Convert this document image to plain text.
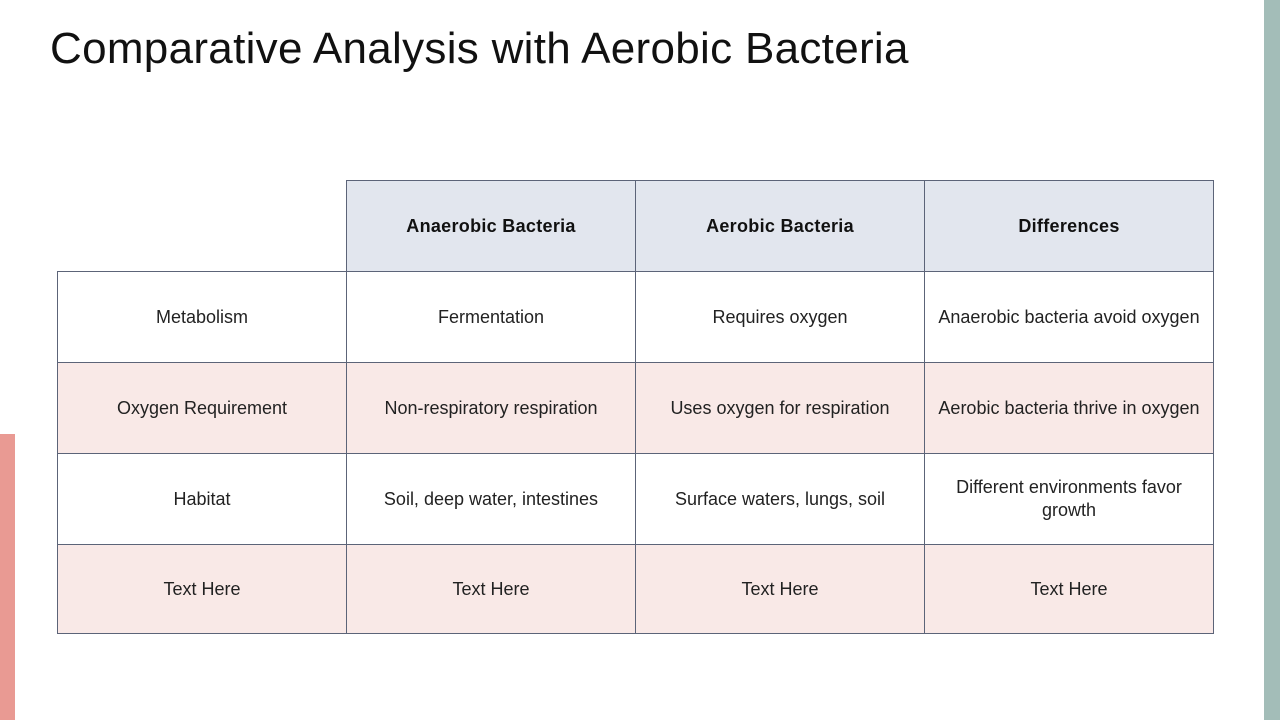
Comparative Analysis with Aerobic Bacteria
	Anaerobic Bacteria	Aerobic Bacteria	Differences
Metabolism	Fermentation	Requires oxygen	Anaerobic bacteria avoid oxygen
Oxygen Requirement	Non-respiratory respiration	Uses oxygen for respiration	Aerobic bacteria thrive in oxygen
Habitat	Soil, deep water, intestines	Surface waters, lungs, soil	Different environments favor growth
Text Here	Text Here	Text Here	Text Here
